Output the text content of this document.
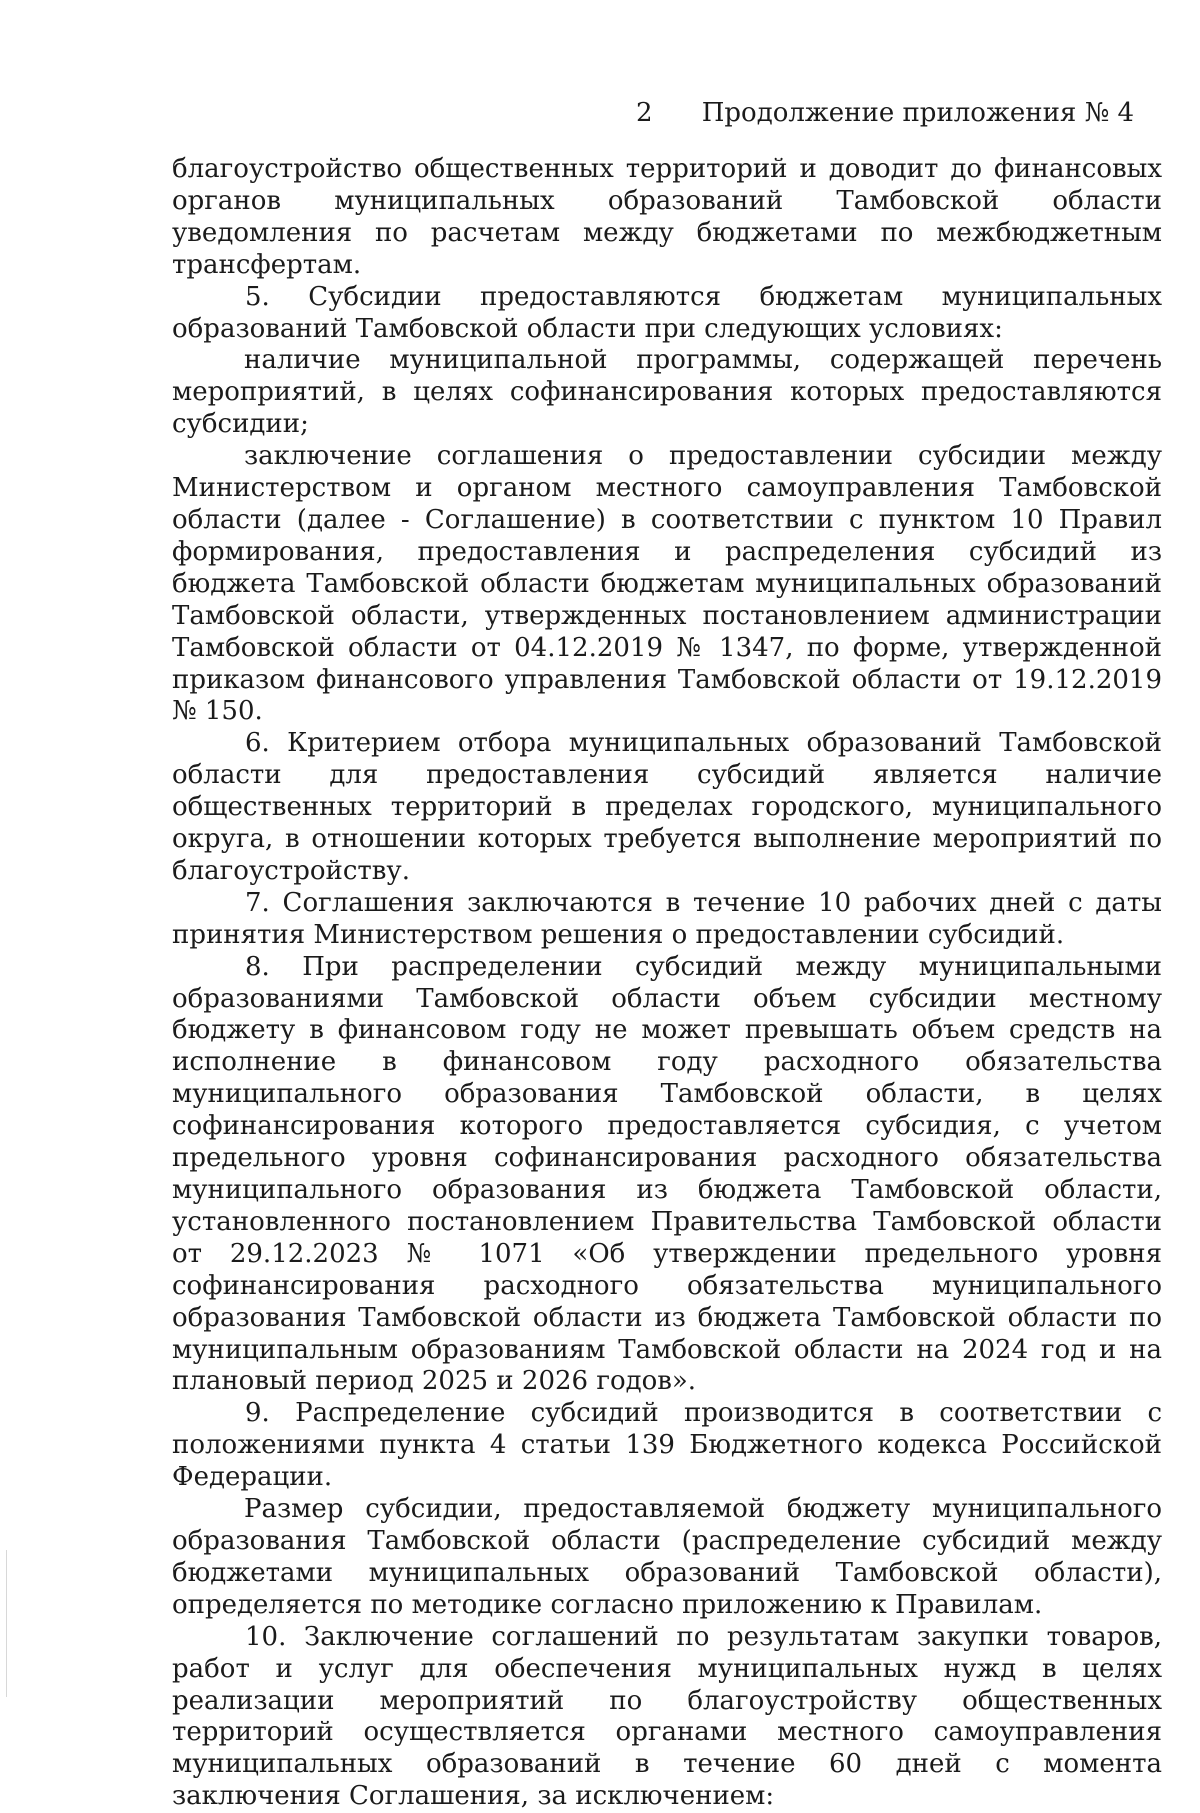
2 Продолжение приложения № 4

благоустройство общественных территорий и доводит до финансовых органов муниципальных образований Тамбовской области уведомления по расчетам между бюджетами по межбюджетным трансфертам.

5. Субсидии предоставляются бюджетам муниципальных образований Тамбовской области при следующих условиях:

наличие муниципальной программы, содержащей перечень мероприятий, в целях софинансирования которых предоставляются субсидии;

заключение соглашения о предоставлении субсидии между Министерством и органом местного самоуправления Тамбовской области (далее - Соглашение) в соответствии с пунктом 10 Правил формирования, предоставления и распределения субсидий из бюджета Тамбовской области бюджетам муниципальных образований Тамбовской области, утвержденных постановлением администрации Тамбовской области от 04.12.2019 № 1347, по форме, утвержденной приказом финансового управления Тамбовской области от 19.12.2019 № 150.

6. Критерием отбора муниципальных образований Тамбовской области для предоставления субсидий является наличие общественных территорий в пределах городского, муниципального округа, в отношении которых требуется выполнение мероприятий по благоустройству.

7. Соглашения заключаются в течение 10 рабочих дней с даты принятия Министерством решения о предоставлении субсидий.

8. При распределении субсидий между муниципальными образованиями Тамбовской области объем субсидии местному бюджету в финансовом году не может превышать объем средств на исполнение в финансовом году расходного обязательства муниципального образования Тамбовской области, в целях софинансирования которого предоставляется субсидия, с учетом предельного уровня софинансирования расходного обязательства муниципального образования из бюджета Тамбовской области, установленного постановлением Правительства Тамбовской области от 29.12.2023 № 1071 «Об утверждении предельного уровня софинансирования расходного обязательства муниципального образования Тамбовской области из бюджета Тамбовской области по муниципальным образованиям Тамбовской области на 2024 год и на плановый период 2025 и 2026 годов».

9. Распределение субсидий производится в соответствии с положениями пункта 4 статьи 139 Бюджетного кодекса Российской Федерации.

Размер субсидии, предоставляемой бюджету муниципального образования Тамбовской области (распределение субсидий между бюджетами муниципальных образований Тамбовской области), определяется по методике согласно приложению к Правилам.

10. Заключение соглашений по результатам закупки товаров, работ и услуг для обеспечения муниципальных нужд в целях реализации мероприятий по благоустройству общественных территорий осуществляется органами местного самоуправления муниципальных образований в течение 60 дней с момента заключения Соглашения, за исключением:
